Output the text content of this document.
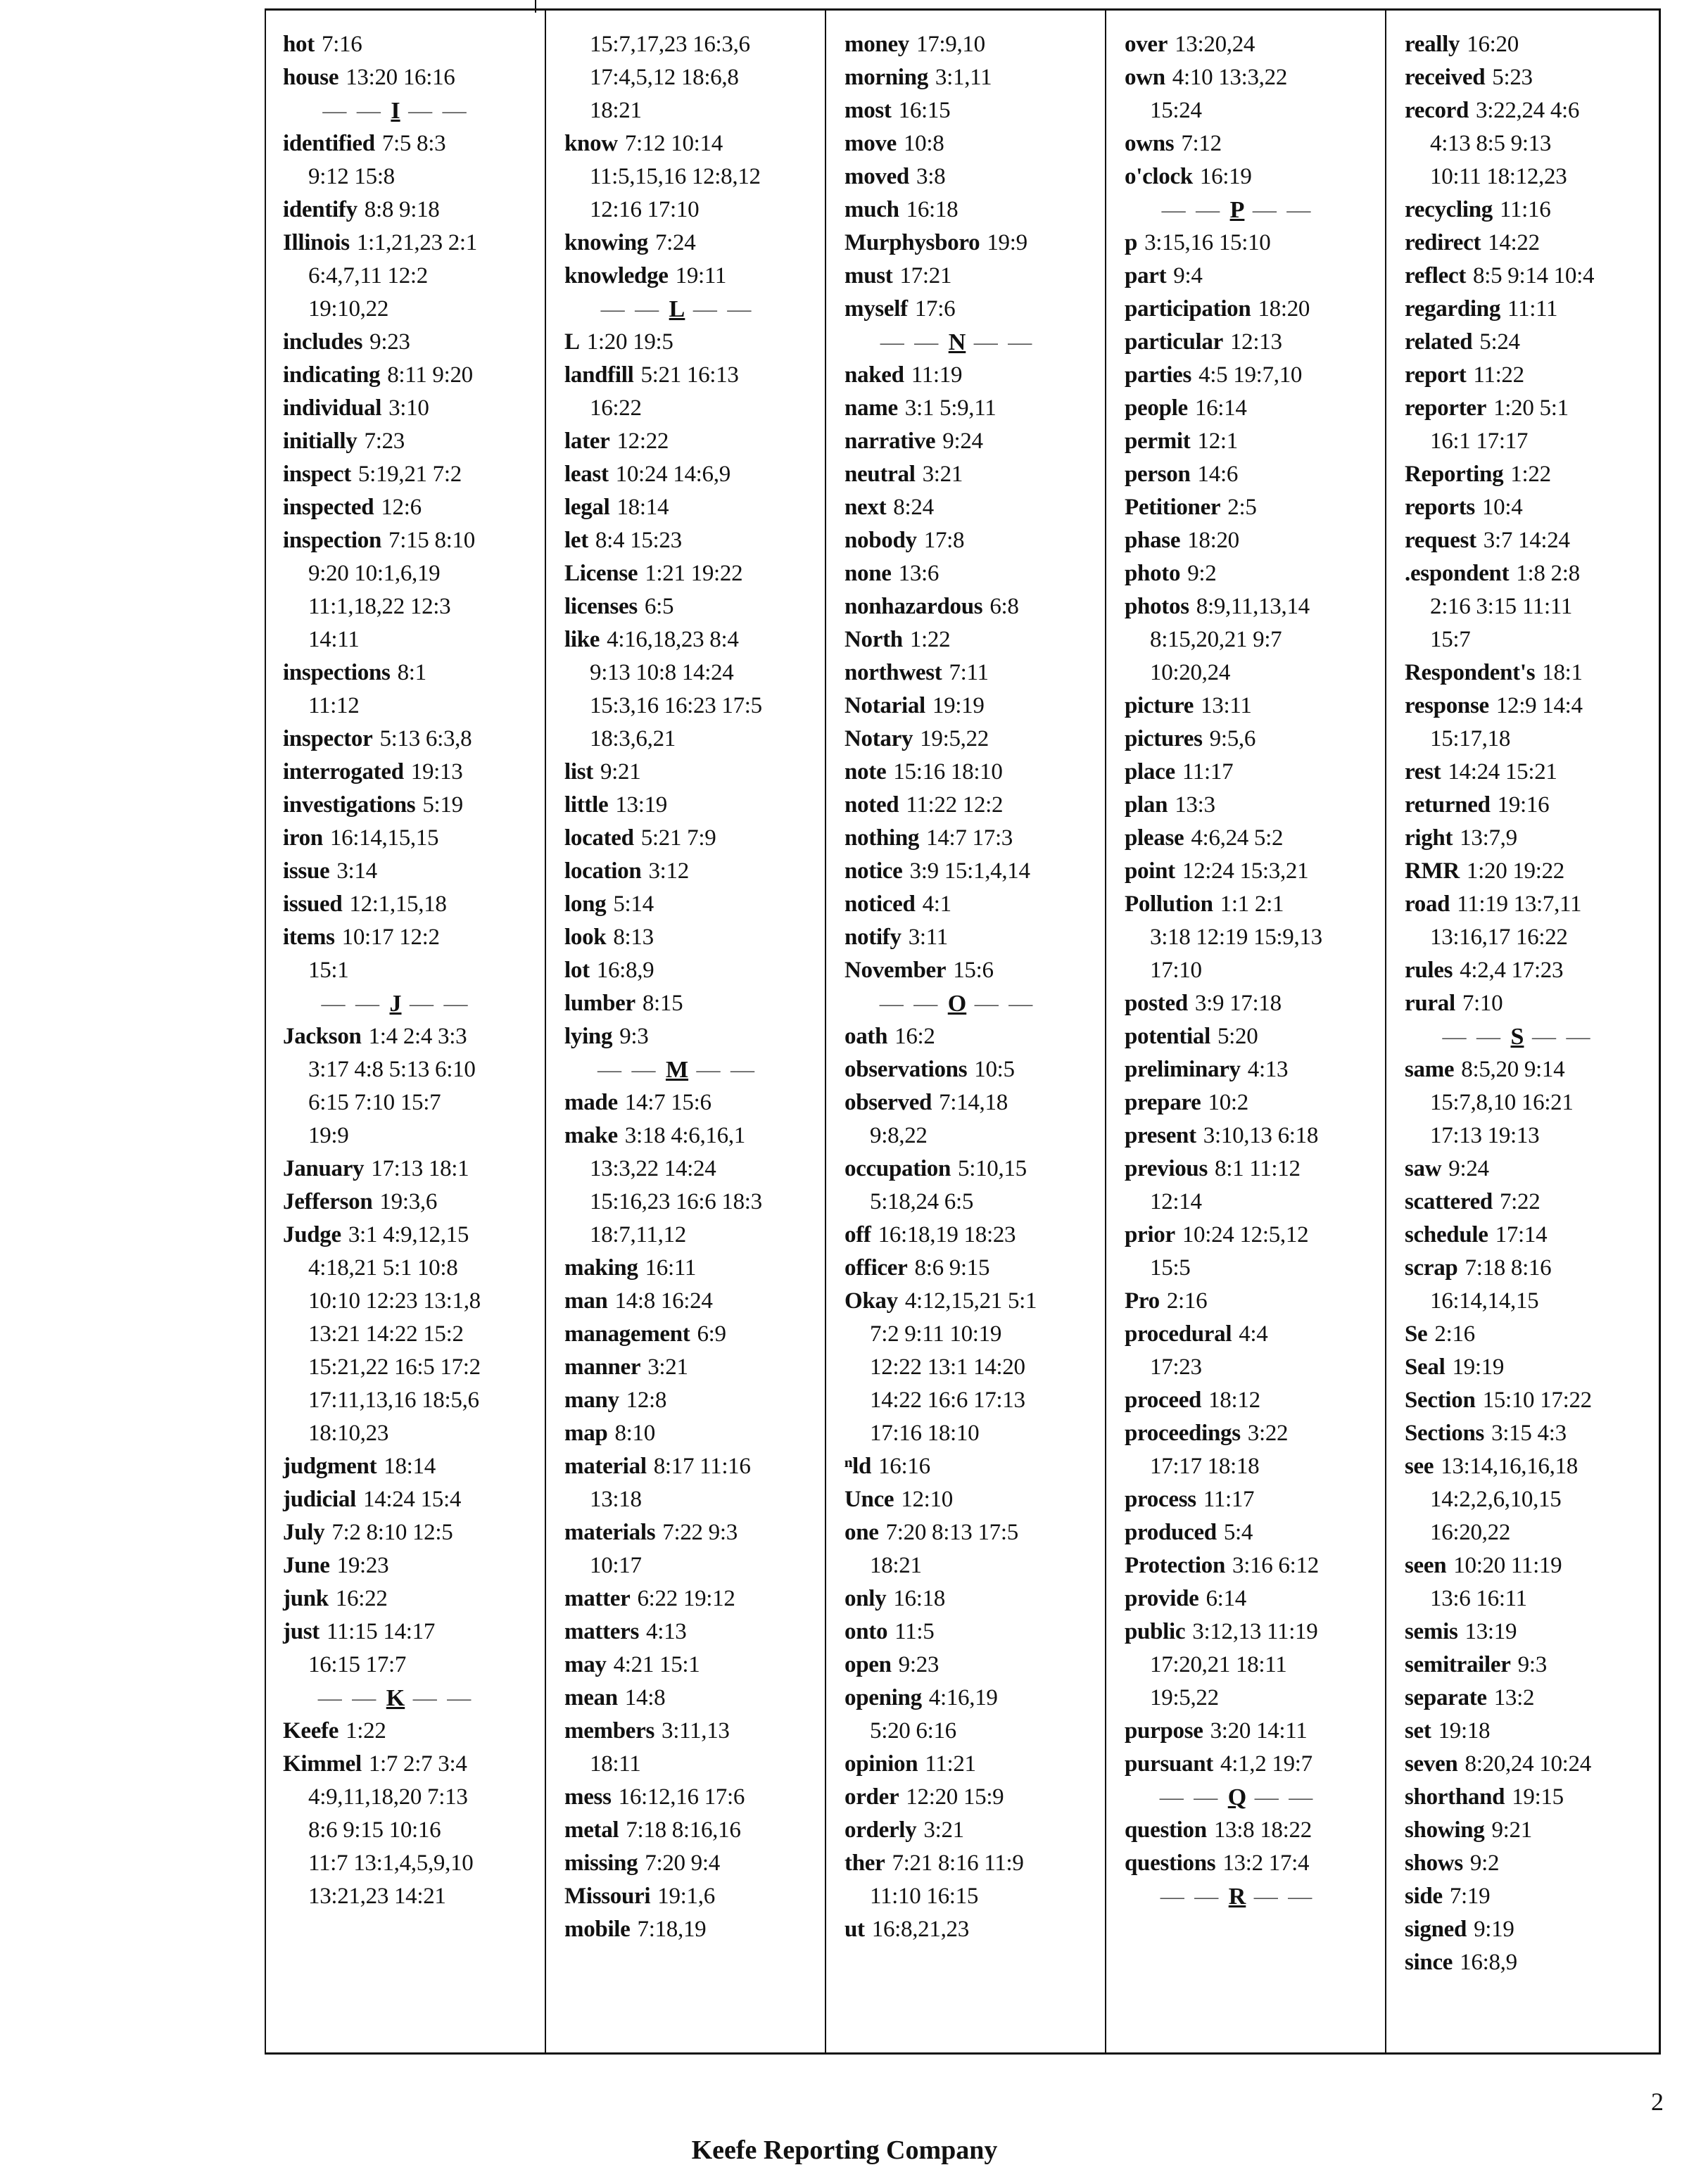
hot 7:16
house 13:20 16:16
— — I — —
identified 7:5 8:3
9:12 15:8
identify 8:8 9:18
Illinois 1:1,21,23 2:1
6:4,7,11 12:2
19:10,22
includes 9:23
indicating 8:11 9:20
individual 3:10
initially 7:23
inspect 5:19,21 7:2
inspected 12:6
inspection 7:15 8:10
9:20 10:1,6,19
11:1,18,22 12:3
14:11
inspections 8:1
11:12
inspector 5:13 6:3,8
interrogated 19:13
investigations 5:19
iron 16:14,15,15
issue 3:14
issued 12:1,15,18
items 10:17 12:2
15:1
— — J — —
Jackson 1:4 2:4 3:3
3:17 4:8 5:13 6:10
6:15 7:10 15:7
19:9
January 17:13 18:1
Jefferson 19:3,6
Judge 3:1 4:9,12,15
4:18,21 5:1 10:8
10:10 12:23 13:1,8
13:21 14:22 15:2
15:21,22 16:5 17:2
17:11,13,16 18:5,6
18:10,23
judgment 18:14
judicial 14:24 15:4
July 7:2 8:10 12:5
June 19:23
junk 16:22
just 11:15 14:17
16:15 17:7
— — K — —
Keefe 1:22
Kimmel 1:7 2:7 3:4
4:9,11,18,20 7:13
8:6 9:15 10:16
11:7 13:1,4,5,9,10
13:21,23 14:21
15:7,17,23 16:3,6
17:4,5,12 18:6,8
18:21
know 7:12 10:14
11:5,15,16 12:8,12
12:16 17:10
knowing 7:24
knowledge 19:11
— — L — —
L 1:20 19:5
landfill 5:21 16:13
16:22
later 12:22
least 10:24 14:6,9
legal 18:14
let 8:4 15:23
License 1:21 19:22
licenses 6:5
like 4:16,18,23 8:4
9:13 10:8 14:24
15:3,16 16:23 17:5
18:3,6,21
list 9:21
little 13:19
located 5:21 7:9
location 3:12
long 5:14
look 8:13
lot 16:8,9
lumber 8:15
lying 9:3
— — M — —
made 14:7 15:6
make 3:18 4:6,16,1
13:3,22 14:24
15:16,23 16:6 18:3
18:7,11,12
making 16:11
man 14:8 16:24
management 6:9
manner 3:21
many 12:8
map 8:10
material 8:17 11:16
13:18
materials 7:22 9:3
10:17
matter 6:22 19:12
matters 4:13
may 4:21 15:1
mean 14:8
members 3:11,13
18:11
mess 16:12,16 17:6
metal 7:18 8:16,16
missing 7:20 9:4
Missouri 19:1,6
mobile 7:18,19
money 17:9,10
morning 3:1,11
most 16:15
move 10:8
moved 3:8
much 16:18
Murphysboro 19:9
must 17:21
myself 17:6
— — N — —
naked 11:19
name 3:1 5:9,11
narrative 9:24
neutral 3:21
next 8:24
nobody 17:8
none 13:6
nonhazardous 6:8
North 1:22
northwest 7:11
Notarial 19:19
Notary 19:5,22
note 15:16 18:10
noted 11:22 12:2
nothing 14:7 17:3
notice 3:9 15:1,4,14
noticed 4:1
notify 3:11
November 15:6
— — O — —
oath 16:2
observations 10:5
observed 7:14,18
9:8,22
occupation 5:10,15
5:18,24 6:5
off 16:18,19 18:23
officer 8:6 9:15
Okay 4:12,15,21 5:1
7:2 9:11 10:19
12:22 13:1 14:20
14:22 16:6 17:13
17:16 18:10
ⁿld 16:16
Unce 12:10
one 7:20 8:13 17:5
18:21
only 16:18
onto 11:5
open 9:23
opening 4:16,19
5:20 6:16
opinion 11:21
order 12:20 15:9
orderly 3:21
ther 7:21 8:16 11:9
11:10 16:15
ut 16:8,21,23
over 13:20,24
own 4:10 13:3,22
15:24
owns 7:12
o'clock 16:19
— — P — —
p 3:15,16 15:10
part 9:4
participation 18:20
particular 12:13
parties 4:5 19:7,10
people 16:14
permit 12:1
person 14:6
Petitioner 2:5
phase 18:20
photo 9:2
photos 8:9,11,13,14
8:15,20,21 9:7
10:20,24
picture 13:11
pictures 9:5,6
place 11:17
plan 13:3
please 4:6,24 5:2
point 12:24 15:3,21
Pollution 1:1 2:1
3:18 12:19 15:9,13
17:10
posted 3:9 17:18
potential 5:20
preliminary 4:13
prepare 10:2
present 3:10,13 6:18
previous 8:1 11:12
12:14
prior 10:24 12:5,12
15:5
Pro 2:16
procedural 4:4
17:23
proceed 18:12
proceedings 3:22
17:17 18:18
process 11:17
produced 5:4
Protection 3:16 6:12
provide 6:14
public 3:12,13 11:19
17:20,21 18:11
19:5,22
purpose 3:20 14:11
pursuant 4:1,2 19:7
— — Q — —
question 13:8 18:22
questions 13:2 17:4
— — R — —
really 16:20
received 5:23
record 3:22,24 4:6
4:13 8:5 9:13
10:11 18:12,23
recycling 11:16
redirect 14:22
reflect 8:5 9:14 10:4
regarding 11:11
related 5:24
report 11:22
reporter 1:20 5:1
16:1 17:17
Reporting 1:22
reports 10:4
request 3:7 14:24
.espondent 1:8 2:8
2:16 3:15 11:11
15:7
Respondent's 18:1
response 12:9 14:4
15:17,18
rest 14:24 15:21
returned 19:16
right 13:7,9
RMR 1:20 19:22
road 11:19 13:7,11
13:16,17 16:22
rules 4:2,4 17:23
rural 7:10
— — S — —
same 8:5,20 9:14
15:7,8,10 16:21
17:13 19:13
saw 9:24
scattered 7:22
schedule 17:14
scrap 7:18 8:16
16:14,14,15
Se 2:16
Seal 19:19
Section 15:10 17:22
Sections 3:15 4:3
see 13:14,16,16,18
14:2,2,6,10,15
16:20,22
seen 10:20 11:19
13:6 16:11
semis 13:19
semitrailer 9:3
separate 13:2
set 19:18
seven 8:20,24 10:24
shorthand 19:15
showing 9:21
shows 9:2
side 7:19
signed 9:19
since 16:8,9
2
Keefe Reporting Company
